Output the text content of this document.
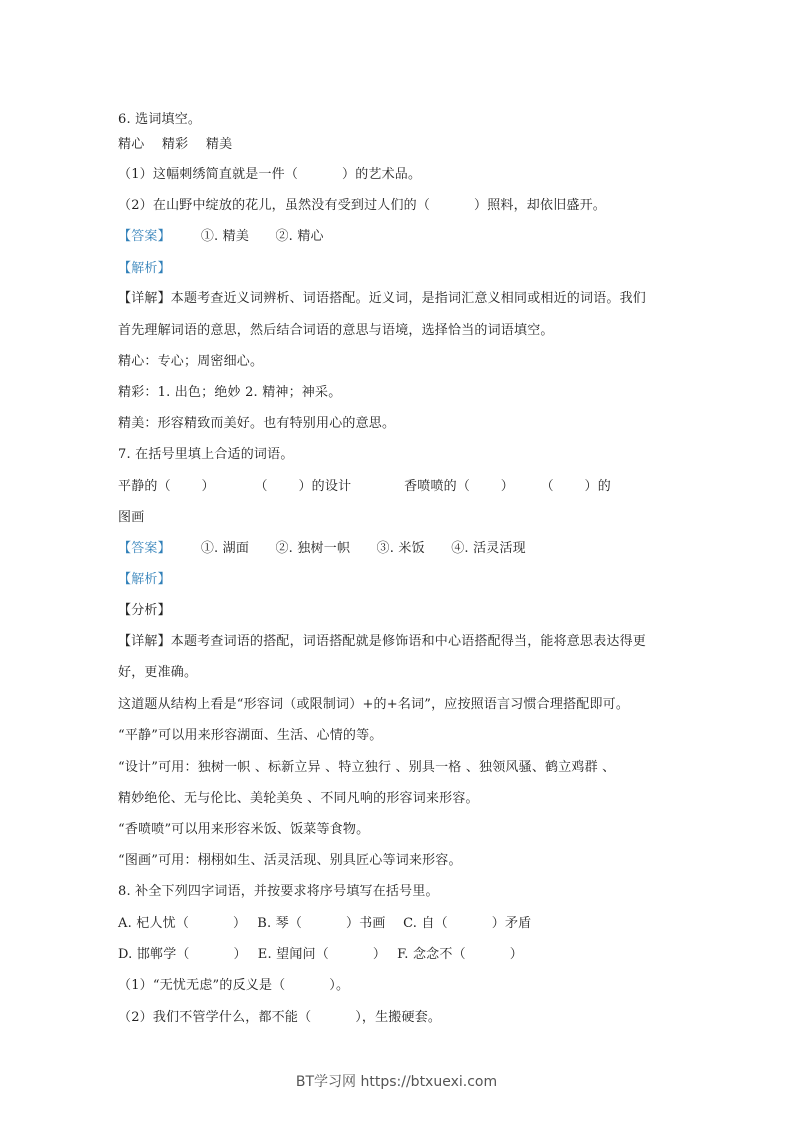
6. 选词填空。
精心　 精彩　 精美
（1）这幅刺绣简直就是一件（　　　 ）的艺术品。
（2）在山野中绽放的花儿，虽然没有受到过人们的（　　　 ）照料，却依旧盛开。
【答案】 ①. 精美　　②. 精心
【解析】
【详解】本题考查近义词辨析、词语搭配。近义词，是指词汇意义相同或相近的词语。我们
首先理解词语的意思，然后结合词语的意思与语境，选择恰当的词语填空。
精心：专心；周密细心。
精彩：1. 出色；绝妙 2. 精神；神采。
精美：形容精致而美好。也有特别用心的意思。
7. 在括号里填上合适的词语。
平静的（　　 ）　　　　（　　 ）的设计　　　　香喷喷的（　　 ）　　　（　　 ）的
图画
【答案】 ①. 湖面　　②. 独树一帜　　③. 米饭　　④. 活灵活现
【解析】
【分析】
【详解】本题考查词语的搭配，词语搭配就是修饰语和中心语搭配得当，能将意思表达得更
好，更准确。
这道题从结构上看是“形容词（或限制词）+的+名词”，应按照语言习惯合理搭配即可。
“平静”可以用来形容湖面、生活、心情的等。
“设计”可用：独树一帜 、标新立异 、特立独行 、别具一格 、独领风骚、鹤立鸡群 、
精妙绝伦、无与伦比、美轮美奂 、不同凡响的形容词来形容。
“香喷喷”可以用来形容米饭、饭菜等食物。
“图画”可用：栩栩如生、活灵活现、别具匠心等词来形容。
8. 补全下列四字词语，并按要求将序号填写在括号里。
A. 杞人忧（　　　 ）　 B. 琴（　　　 ）书画　 C. 自（　　　 ）矛盾
D. 邯郸学（　　　 ）　 E. 望闻问（　　　 ）　 F. 念念不（　　　 ）
（1）“无忧无虑”的反义是（　　　 ）。
（2）我们不管学什么，都不能（　　　 ），生搬硬套。
BT学习网 https://btxuexi.com
